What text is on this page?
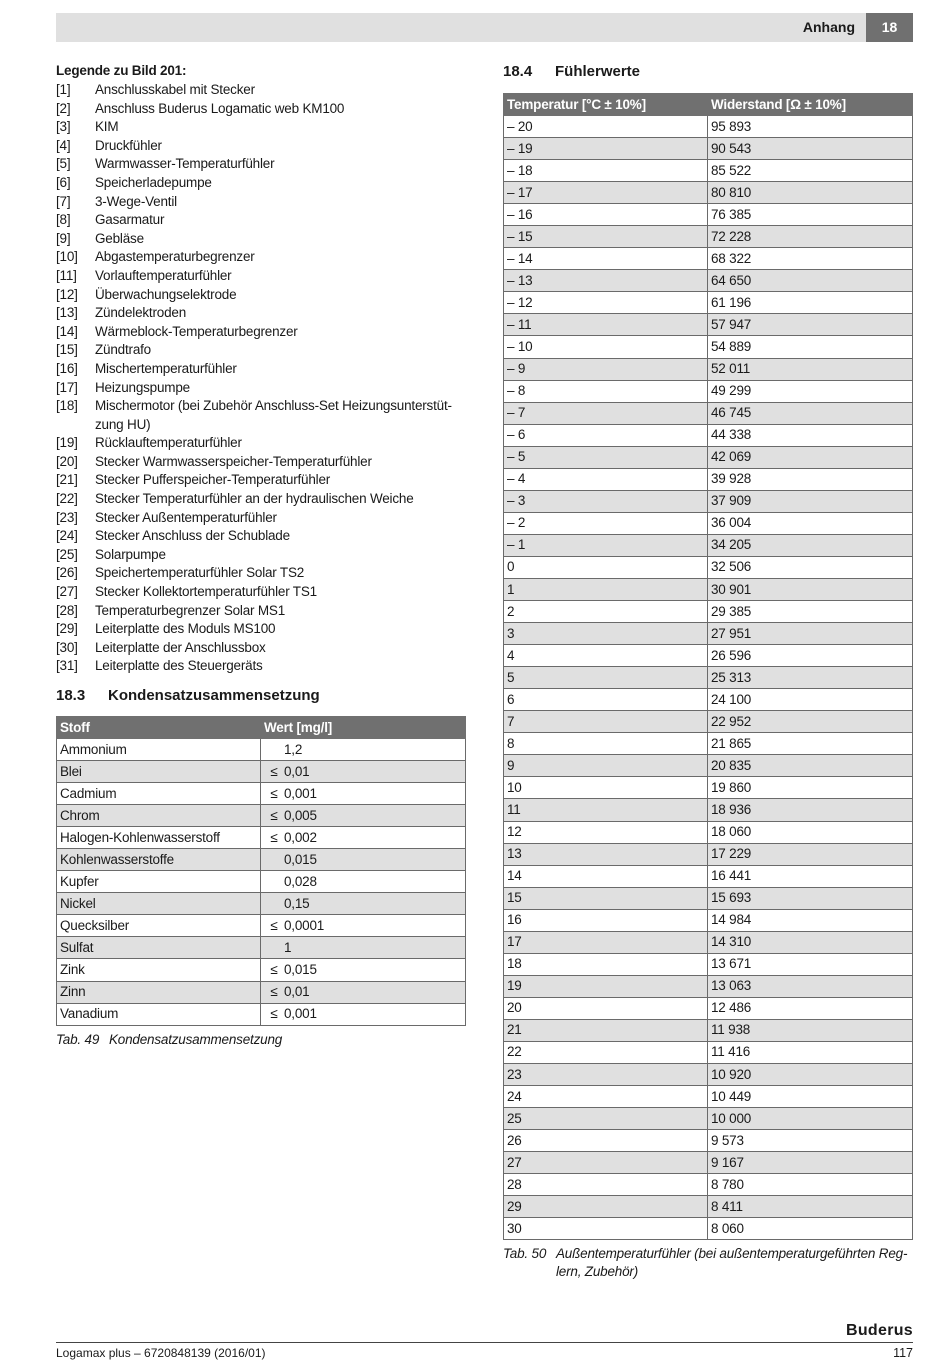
Anhang	18
Legende zu Bild 201:
[1]	Anschlusskabel mit Stecker
[2]	Anschluss Buderus Logamatic web KM100
[3]	KIM
[4]	Druckfühler
[5]	Warmwasser-Temperaturfühler
[6]	Speicherladepumpe
[7]	3-Wege-Ventil
[8]	Gasarmatur
[9]	Gebläse
[10]	Abgastemperaturbegrenzer
[11]	Vorlauftemperaturfühler
[12]	Überwachungselektrode
[13]	Zündelektroden
[14]	Wärmeblock-Temperaturbegrenzer
[15]	Zündtrafo
[16]	Mischertemperaturfühler
[17]	Heizungspumpe
[18]	Mischermotor (bei Zubehör Anschluss-Set Heizungsunterstüt-zung HU)
[19]	Rücklauftemperaturfühler
[20]	Stecker Warmwasserspeicher-Temperaturfühler
[21]	Stecker Pufferspeicher-Temperaturfühler
[22]	Stecker Temperaturfühler an der hydraulischen Weiche
[23]	Stecker Außentemperaturfühler
[24]	Stecker Anschluss der Schublade
[25]	Solarpumpe
[26]	Speichertemperaturfühler Solar TS2
[27]	Stecker Kollektortemperaturfühler TS1
[28]	Temperaturbegrenzer Solar MS1
[29]	Leiterplatte des Moduls MS100
[30]	Leiterplatte der Anschlussbox
[31]	Leiterplatte des Steuergeräts
18.3	Kondensatzusammensetzung
Stoff	Wert [mg/l]
Ammonium	1,2
Blei	≤ 0,01
Cadmium	≤ 0,001
Chrom	≤ 0,005
Halogen-Kohlenwasserstoff	≤ 0,002
Kohlenwasserstoffe	0,015
Kupfer	0,028
Nickel	0,15
Quecksilber	≤ 0,0001
Sulfat	1
Zink	≤ 0,015
Zinn	≤ 0,01
Vanadium	≤ 0,001
Tab. 49 Kondensatzusammensetzung
18.4	Fühlerwerte
Temperatur [°C ± 10%]	Widerstand [Ω ± 10%]
– 20	95 893
– 19	90 543
– 18	85 522
– 17	80 810
– 16	76 385
– 15	72 228
– 14	68 322
– 13	64 650
– 12	61 196
– 11	57 947
– 10	54 889
– 9	52 011
– 8	49 299
– 7	46 745
– 6	44 338
– 5	42 069
– 4	39 928
– 3	37 909
– 2	36 004
– 1	34 205
0	32 506
1	30 901
2	29 385
3	27 951
4	26 596
5	25 313
6	24 100
7	22 952
8	21 865
9	20 835
10	19 860
11	18 936
12	18 060
13	17 229
14	16 441
15	15 693
16	14 984
17	14 310
18	13 671
19	13 063
20	12 486
21	11 938
22	11 416
23	10 920
24	10 449
25	10 000
26	9 573
27	9 167
28	8 780
29	8 411
30	8 060
Tab. 50 Außentemperaturfühler (bei außentemperaturgeführten Reg-lern, Zubehör)
Buderus
Logamax plus – 6720848139 (2016/01)	117
